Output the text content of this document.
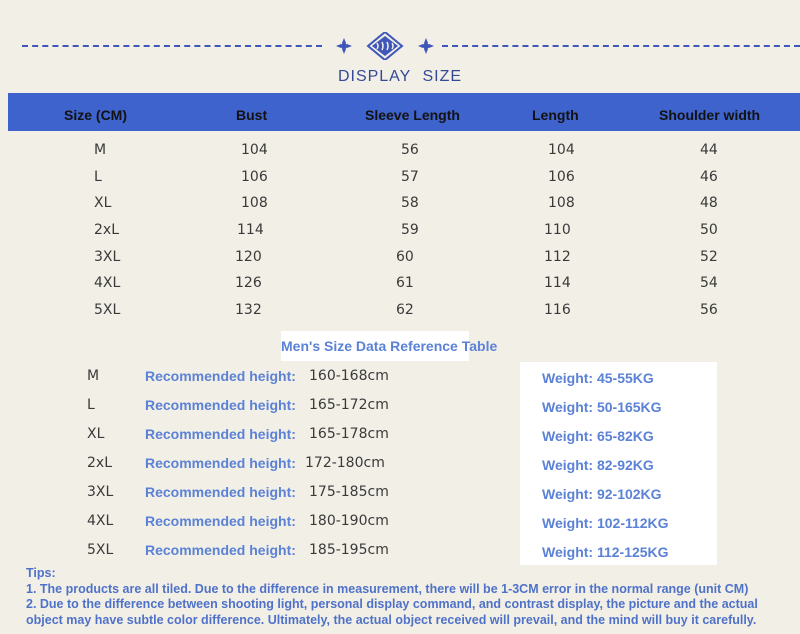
DISPLAY SIZE
Size (CM)	Bust	Sleeve Length	Length	Shoulder width
M	104	56	104	44
L	106	57	106	46
XL	108	58	108	48
2xL	114	59	110	50
3XL	120	60	112	52
4XL	126	61	114	54
5XL	132	62	116	56
Men's Size Data Reference Table
M	Recommended height: 160-168cm	Weight: 45-55KG
L	Recommended height: 165-172cm	Weight: 50-165KG
XL	Recommended height: 165-178cm	Weight: 65-82KG
2xL Recommended height: 172-180cm	Weight: 82-92KG
3XL Recommended height: 175-185cm	Weight: 92-102KG
4XL Recommended height: 180-190cm	Weight: 102-112KG
5XL Recommended height: 185-195cm	Weight: 112-125KG
Tips:
1. The products are all tiled. Due to the difference in measurement, there will be 1-3CM error in the normal range (unit CM)
2. Due to the difference between shooting light, personal display command, and contrast display, the picture and the actual
object may have subtle color difference. Ultimately, the actual object received will prevail, and the mind will buy it carefully.
